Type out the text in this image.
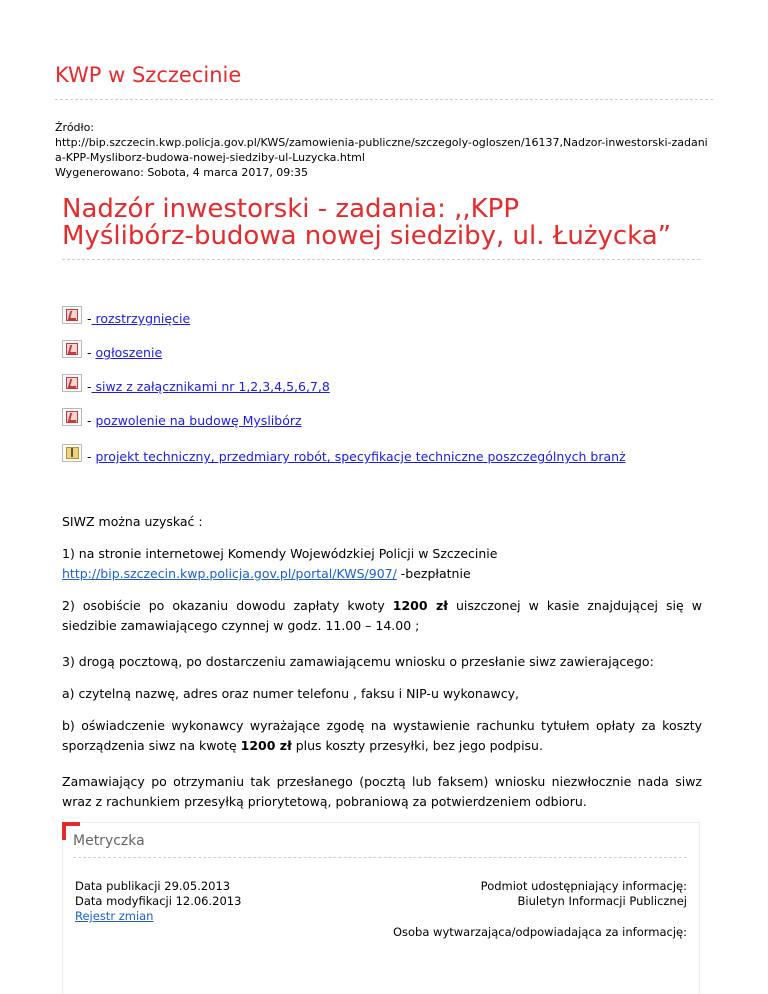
KWP w Szczecinie
Źródło:
http://bip.szczecin.kwp.policja.gov.pl/KWS/zamowienia-publiczne/szczegoly-ogloszen/16137,Nadzor-inwestorski-zadani
a-KPP-Mysliborz-budowa-nowej-siedziby-ul-Luzycka.html
Wygenerowano: Sobota, 4 marca 2017, 09:35
Nadzór inwestorski - zadania: ,,KPP
Myślibórz-budowa nowej siedziby, ul. Łużycka”
- rozstrzygnięcie
- ogłoszenie
- siwz z załącznikami nr 1,2,3,4,5,6,7,8
- pozwolenie na budowę Myslibórz
- projekt techniczny, przedmiary robót, specyfikacje techniczne poszczególnych branż

SIWZ można uzyskać :

1) na stronie internetowej Komendy Wojewódzkiej Policji w Szczecinie
http://bip.szczecin.kwp.policja.gov.pl/portal/KWS/907/ -bezpłatnie

2) osobiście po okazaniu dowodu zapłaty kwoty 1200 zł uiszczonej w kasie znajdującej się w siedzibie zamawiającego czynnej w godz. 11.00 – 14.00 ;

3) drogą pocztową, po dostarczeniu zamawiającemu wniosku o przesłanie siwz zawierającego:

a) czytelną nazwę, adres oraz numer telefonu , faksu i NIP-u wykonawcy,

b) oświadczenie wykonawcy wyrażające zgodę na wystawienie rachunku tytułem opłaty za koszty sporządzenia siwz na kwotę 1200 zł plus koszty przesyłki, bez jego podpisu.

Zamawiający po otrzymaniu tak przesłanego (pocztą lub faksem) wniosku niezwłocznie nada siwz wraz z rachunkiem przesyłką priorytetową, pobraniową za potwierdzeniem odbioru.

Metryczka
Data publikacji 29.05.2013
Data modyfikacji 12.06.2013
Rejestr zmian
Podmiot udostępniający informację:
Biuletyn Informacji Publicznej
Osoba wytwarzająca/odpowiadająca za informację:
